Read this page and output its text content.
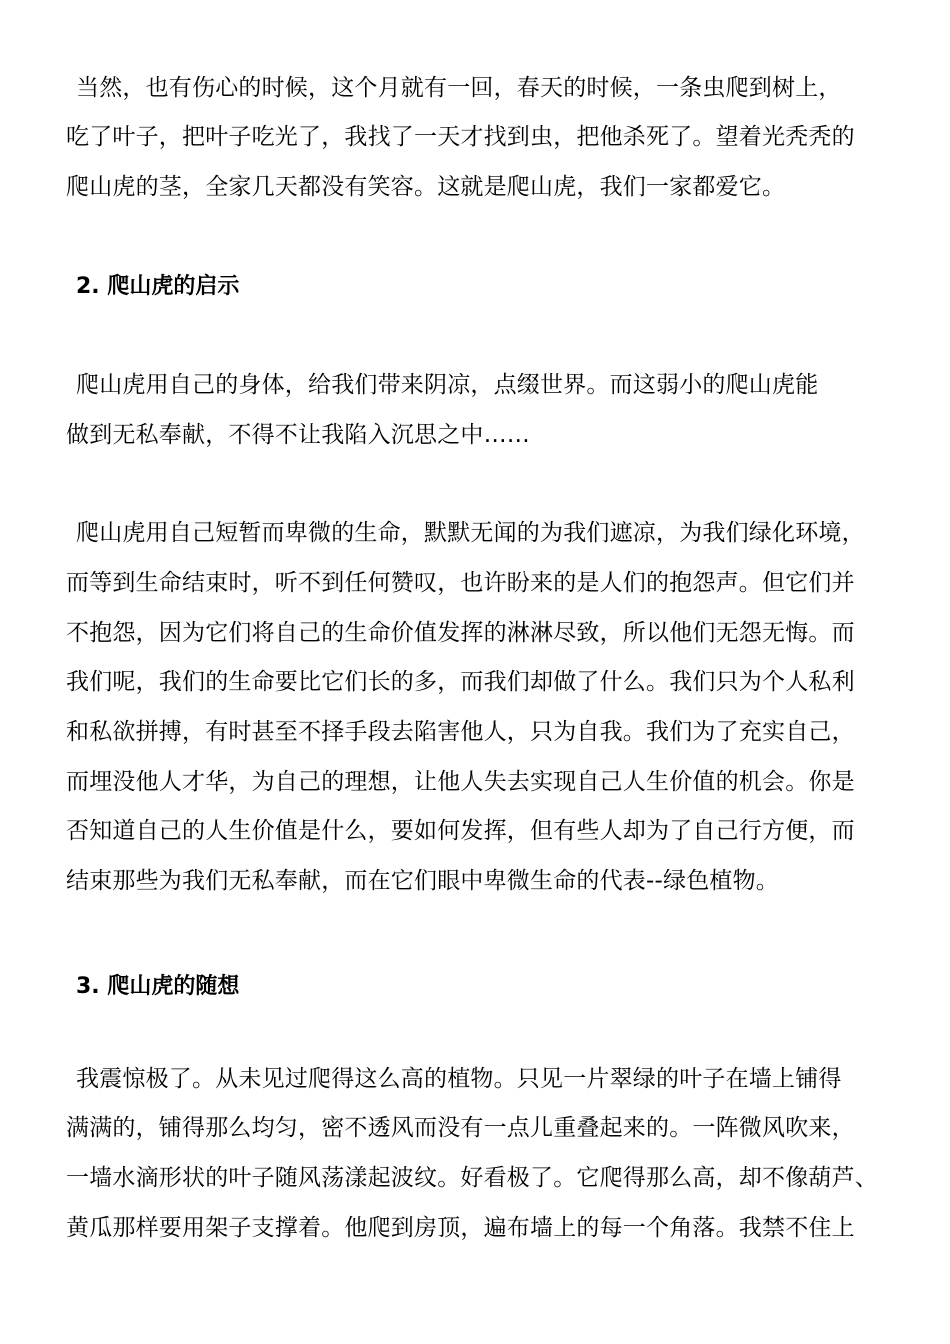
当然，也有伤心的时候，这个月就有一回，春天的时候，一条虫爬到树上，
吃了叶子，把叶子吃光了，我找了一天才找到虫，把他杀死了。望着光秃秃的
爬山虎的茎，全家几天都没有笑容。这就是爬山虎，我们一家都爱它。
2. 爬山虎的启示
爬山虎用自己的身体，给我们带来阴凉，点缀世界。而这弱小的爬山虎能
做到无私奉献，不得不让我陷入沉思之中……
爬山虎用自己短暂而卑微的生命，默默无闻的为我们遮凉，为我们绿化环境，
而等到生命结束时，听不到任何赞叹，也许盼来的是人们的抱怨声。但它们并
不抱怨，因为它们将自己的生命价值发挥的淋淋尽致，所以他们无怨无悔。而
我们呢，我们的生命要比它们长的多，而我们却做了什么。我们只为个人私利
和私欲拼搏，有时甚至不择手段去陷害他人，只为自我。我们为了充实自己，
而埋没他人才华，为自己的理想，让他人失去实现自己人生价值的机会。你是
否知道自己的人生价值是什么，要如何发挥，但有些人却为了自己行方便，而
结束那些为我们无私奉献，而在它们眼中卑微生命的代表--绿色植物。
3. 爬山虎的随想
我震惊极了。从未见过爬得这么高的植物。只见一片翠绿的叶子在墙上铺得
满满的，铺得那么均匀，密不透风而没有一点儿重叠起来的。一阵微风吹来，
一墙水滴形状的叶子随风荡漾起波纹。好看极了。它爬得那么高，却不像葫芦、
黄瓜那样要用架子支撑着。他爬到房顶，遍布墙上的每一个角落。我禁不住上
